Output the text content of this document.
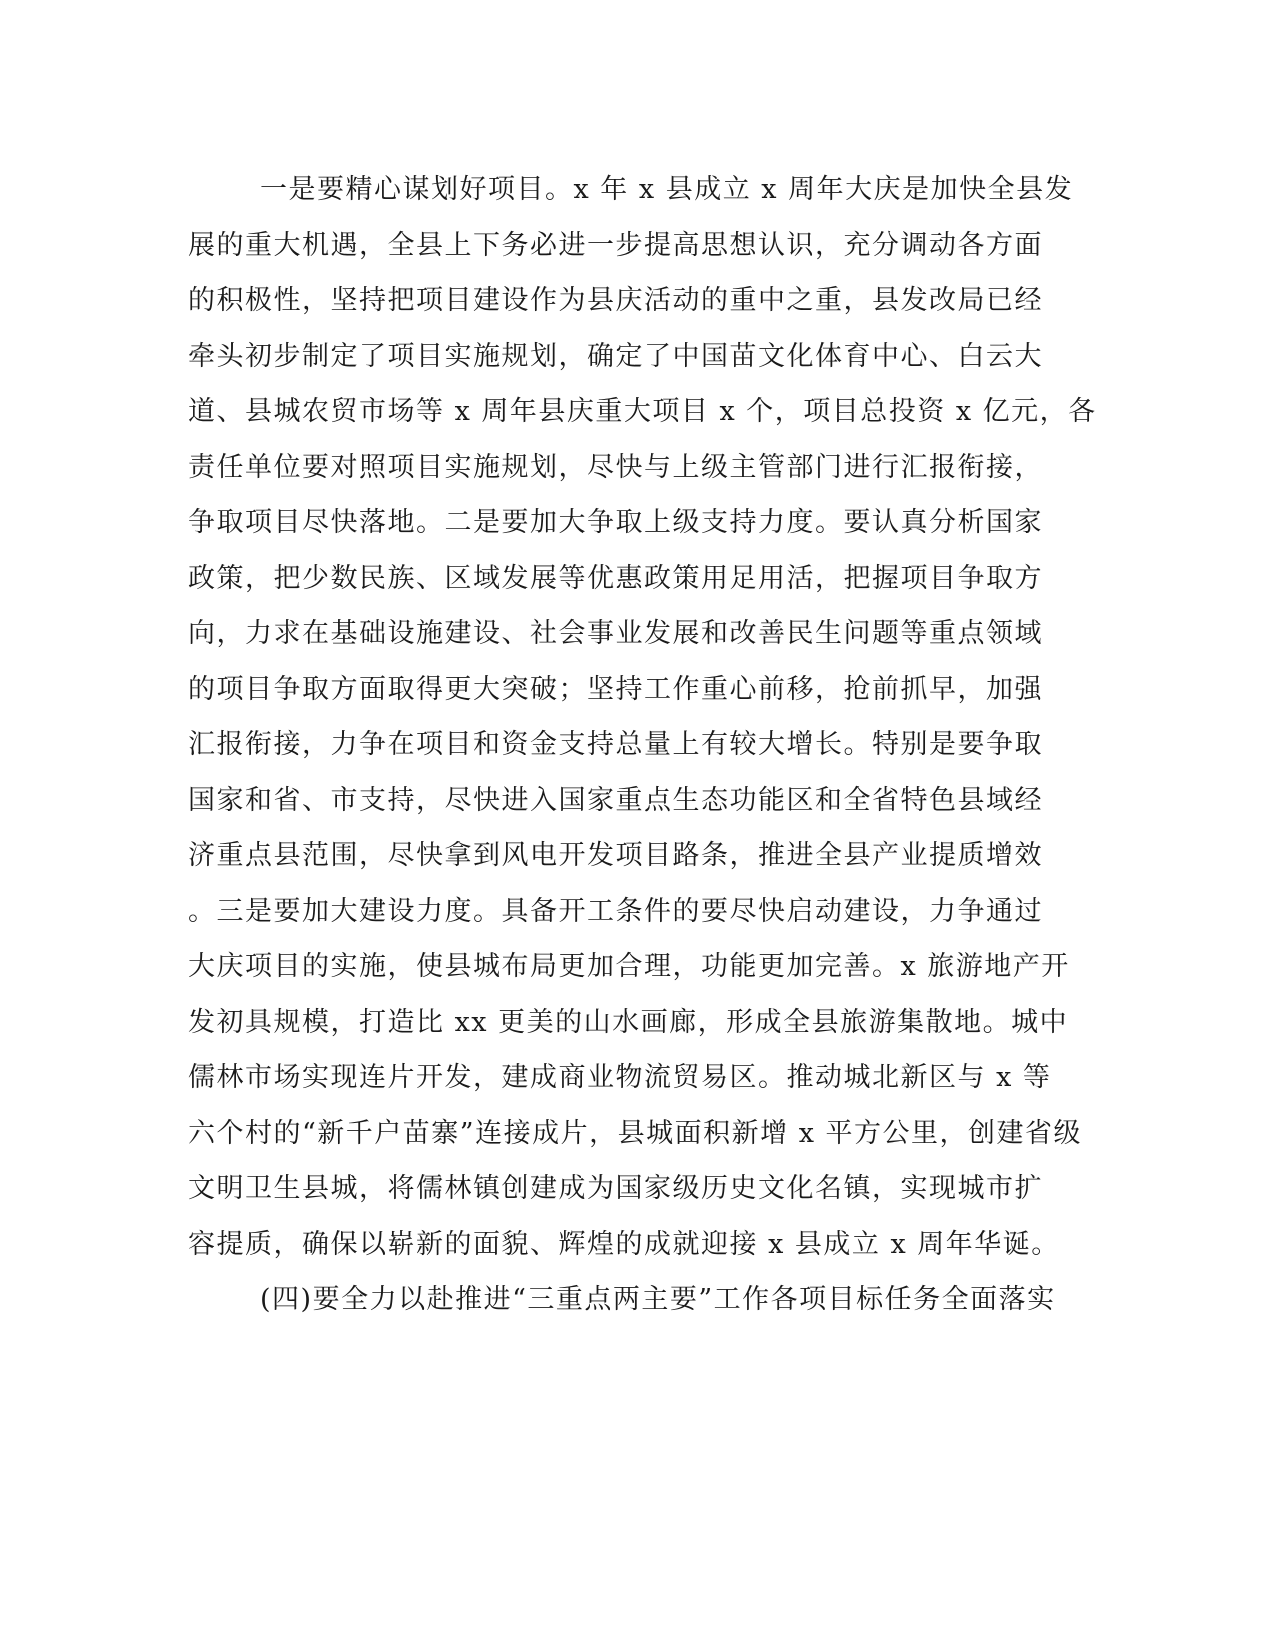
一是要精心谋划好项目。x 年 x 县成立 x 周年大庆是加快全县发
展的重大机遇，全县上下务必进一步提高思想认识，充分调动各方面
的积极性，坚持把项目建设作为县庆活动的重中之重，县发改局已经
牵头初步制定了项目实施规划，确定了中国苗文化体育中心、白云大
道、县城农贸市场等 x 周年县庆重大项目 x 个，项目总投资 x 亿元，各
责任单位要对照项目实施规划，尽快与上级主管部门进行汇报衔接，
争取项目尽快落地。二是要加大争取上级支持力度。要认真分析国家
政策，把少数民族、区域发展等优惠政策用足用活，把握项目争取方
向，力求在基础设施建设、社会事业发展和改善民生问题等重点领域
的项目争取方面取得更大突破；坚持工作重心前移，抢前抓早，加强
汇报衔接，力争在项目和资金支持总量上有较大增长。特别是要争取
国家和省、市支持，尽快进入国家重点生态功能区和全省特色县域经
济重点县范围，尽快拿到风电开发项目路条，推进全县产业提质增效
。三是要加大建设力度。具备开工条件的要尽快启动建设，力争通过
大庆项目的实施，使县城布局更加合理，功能更加完善。x 旅游地产开
发初具规模，打造比 xx 更美的山水画廊，形成全县旅游集散地。城中
儒林市场实现连片开发，建成商业物流贸易区。推动城北新区与 x 等
六个村的“新千户苗寨”连接成片，县城面积新增 x 平方公里，创建省级
文明卫生县城，将儒林镇创建成为国家级历史文化名镇，实现城市扩
容提质，确保以崭新的面貌、辉煌的成就迎接 x 县成立 x 周年华诞。
(四)要全力以赴推进“三重点两主要”工作各项目标任务全面落实
